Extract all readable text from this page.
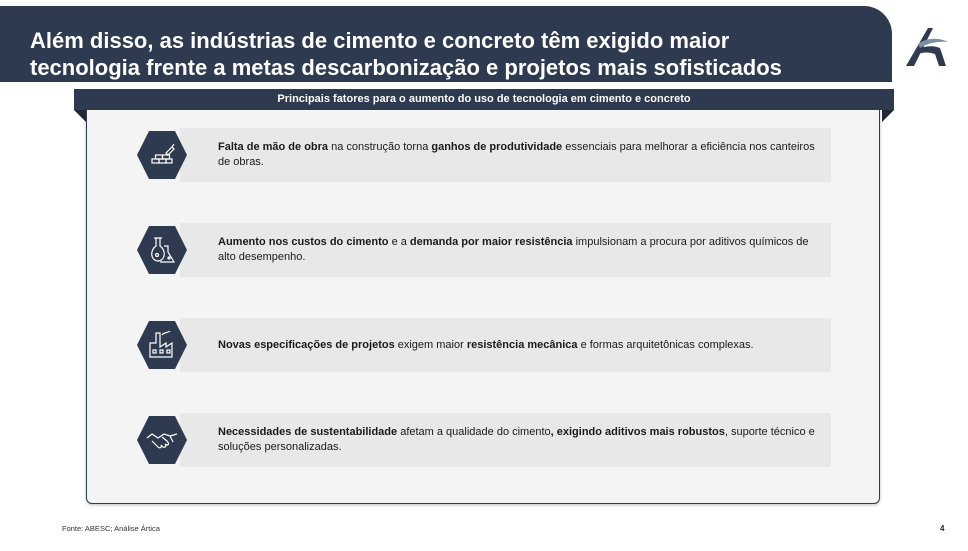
Além disso, as indústrias de cimento e concreto têm exigido maior
tecnologia frente a metas descarbonização e projetos mais sofisticados
Principais fatores para o aumento do uso de tecnologia em cimento e concreto
Falta de mão de obra na construção torna ganhos de produtividade essenciais para melhorar a eficiência nos canteiros de obras.
Aumento nos custos do cimento e a demanda por maior resistência impulsionam a procura por aditivos químicos de alto desempenho.
Novas especificações de projetos exigem maior resistência mecânica e formas arquitetônicas complexas.
Necessidades de sustentabilidade afetam a qualidade do cimento, exigindo aditivos mais robustos, suporte técnico e soluções personalizadas.
Fonte: ABESC; Análise Ártica	4
